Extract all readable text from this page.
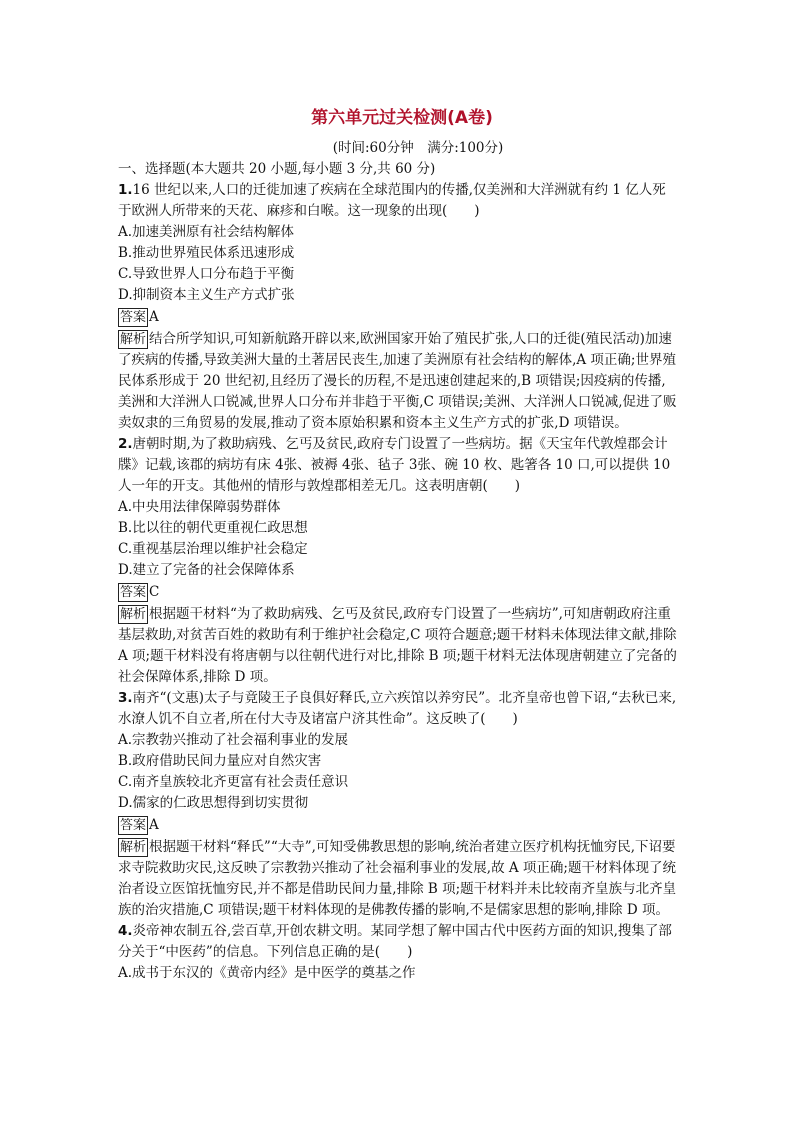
第六单元过关检测(A卷)
(时间:60分钟　满分:100分)
一、选择题(本大题共 20 小题,每小题 3 分,共 60 分)

1.16 世纪以来,人口的迁徙加速了疾病在全球范围内的传播,仅美洲和大洋洲就有约 1 亿人死于欧洲人所带来的天花、麻疹和白喉。这一现象的出现(　　)

A.加速美洲原有社会结构解体

B.推动世界殖民体系迅速形成

C.导致世界人口分布趋于平衡

D.抑制资本主义生产方式扩张

答案 A

解析 结合所学知识,可知新航路开辟以来,欧洲国家开始了殖民扩张,人口的迁徙(殖民活动)加速了疾病的传播,导致美洲大量的土著居民丧生,加速了美洲原有社会结构的解体,A 项正确;世界殖民体系形成于 20 世纪初,且经历了漫长的历程,不是迅速创建起来的,B 项错误;因疫病的传播,美洲和大洋洲人口锐减,世界人口分布并非趋于平衡,C 项错误;美洲、大洋洲人口锐减,促进了贩卖奴隶的三角贸易的发展,推动了资本原始积累和资本主义生产方式的扩张,D 项错误。

2.唐朝时期,为了救助病残、乞丐及贫民,政府专门设置了一些病坊。据《天宝年代敦煌郡会计牒》记载,该郡的病坊有床 4张、被褥 4张、毡子 3张、碗 10 枚、匙箸各 10 口,可以提供 10 人一年的开支。其他州的情形与敦煌郡相差无几。这表明唐朝(　　)

A.中央用法律保障弱势群体

B.比以往的朝代更重视仁政思想

C.重视基层治理以维护社会稳定

D.建立了完备的社会保障体系

答案 C

解析 根据题干材料“为了救助病残、乞丐及贫民,政府专门设置了一些病坊”,可知唐朝政府注重基层救助,对贫苦百姓的救助有利于维护社会稳定,C 项符合题意;题干材料未体现法律文献,排除 A 项;题干材料没有将唐朝与以往朝代进行对比,排除 B 项;题干材料无法体现唐朝建立了完备的社会保障体系,排除 D 项。

3.南齐“(文惠)太子与竟陵王子良俱好释氏,立六疾馆以养穷民”。北齐皇帝也曾下诏,“去秋已来,水潦人饥不自立者,所在付大寺及诸富户济其性命”。这反映了(　　)

A.宗教勃兴推动了社会福利事业的发展

B.政府借助民间力量应对自然灾害

C.南齐皇族较北齐更富有社会责任意识

D.儒家的仁政思想得到切实贯彻

答案 A

解析 根据题干材料“释氏”“大寺”,可知受佛教思想的影响,统治者建立医疗机构抚恤穷民,下诏要求寺院救助灾民,这反映了宗教勃兴推动了社会福利事业的发展,故 A 项正确;题干材料体现了统治者设立医馆抚恤穷民,并不都是借助民间力量,排除 B 项;题干材料并未比较南齐皇族与北齐皇族的治灾措施,C 项错误;题干材料体现的是佛教传播的影响,不是儒家思想的影响,排除 D 项。

4.炎帝神农制五谷,尝百草,开创农耕文明。某同学想了解中国古代中医药方面的知识,搜集了部分关于“中医药”的信息。下列信息正确的是(　　)

A.成书于东汉的《黄帝内经》是中医学的奠基之作
